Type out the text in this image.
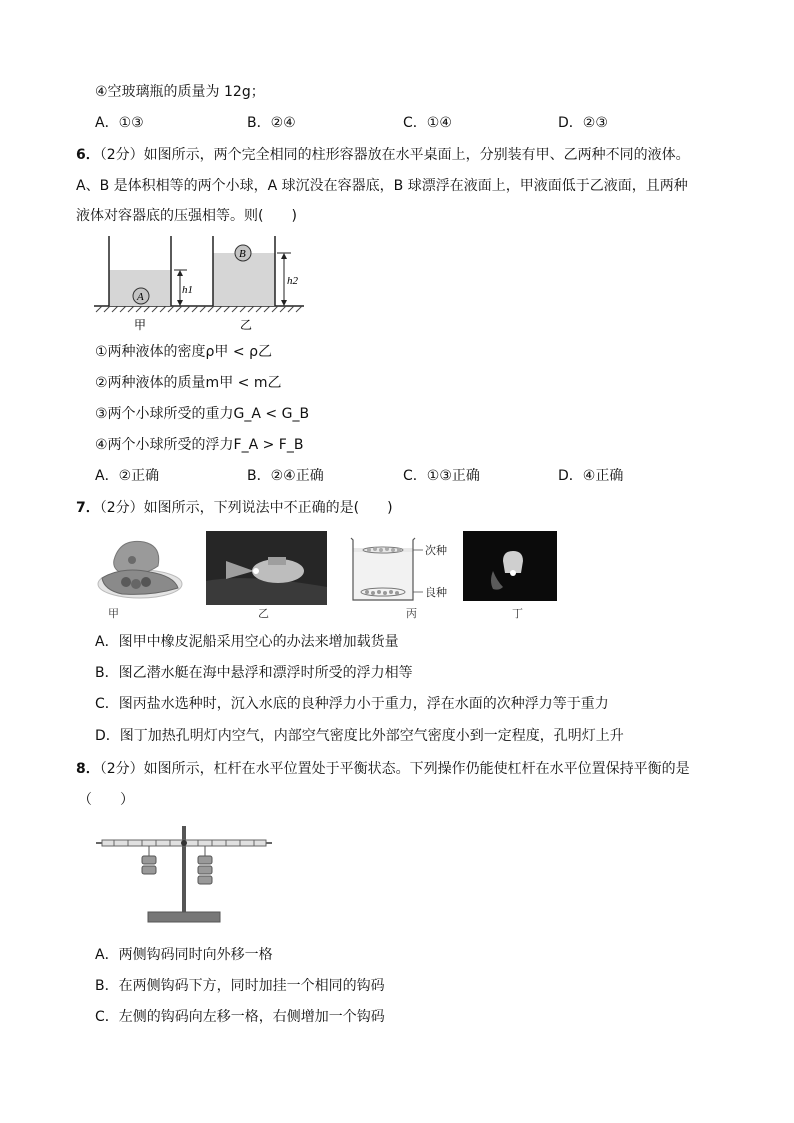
④空玻璃瓶的质量为 12g；
A．①③	B．②④	C．①④	D．②③
6．（2分）如图所示，两个完全相同的柱形容器放在水平桌面上，分别装有甲、乙两种不同的液体。
A、B 是体积相等的两个小球，A 球沉没在容器底，B 球漂浮在液面上，甲液面低于乙液面，且两种
液体对容器底的压强相等。则(　　)
A
h1
B
h2
甲	乙
①两种液体的密度ρ甲 < ρ乙
②两种液体的质量m甲 < m乙
③两个小球所受的重力G_A < G_B
④两个小球所受的浮力F_A > F_B
A．②正确	B．②④正确	C．①③正确	D．④正确
7．（2分）如图所示，下列说法中不正确的是(　　)
甲	乙
次种
良种
丙	丁
A．图甲中橡皮泥船采用空心的办法来增加载货量
B．图乙潜水艇在海中悬浮和漂浮时所受的浮力相等
C．图丙盐水选种时，沉入水底的良种浮力小于重力，浮在水面的次种浮力等于重力
D．图丁加热孔明灯内空气，内部空气密度比外部空气密度小到一定程度，孔明灯上升
8．（2分）如图所示，杠杆在水平位置处于平衡状态。下列操作仍能使杠杆在水平位置保持平衡的是
（　　）
A．两侧钩码同时向外移一格
B．在两侧钩码下方，同时加挂一个相同的钩码
C．左侧的钩码向左移一格，右侧增加一个钩码
